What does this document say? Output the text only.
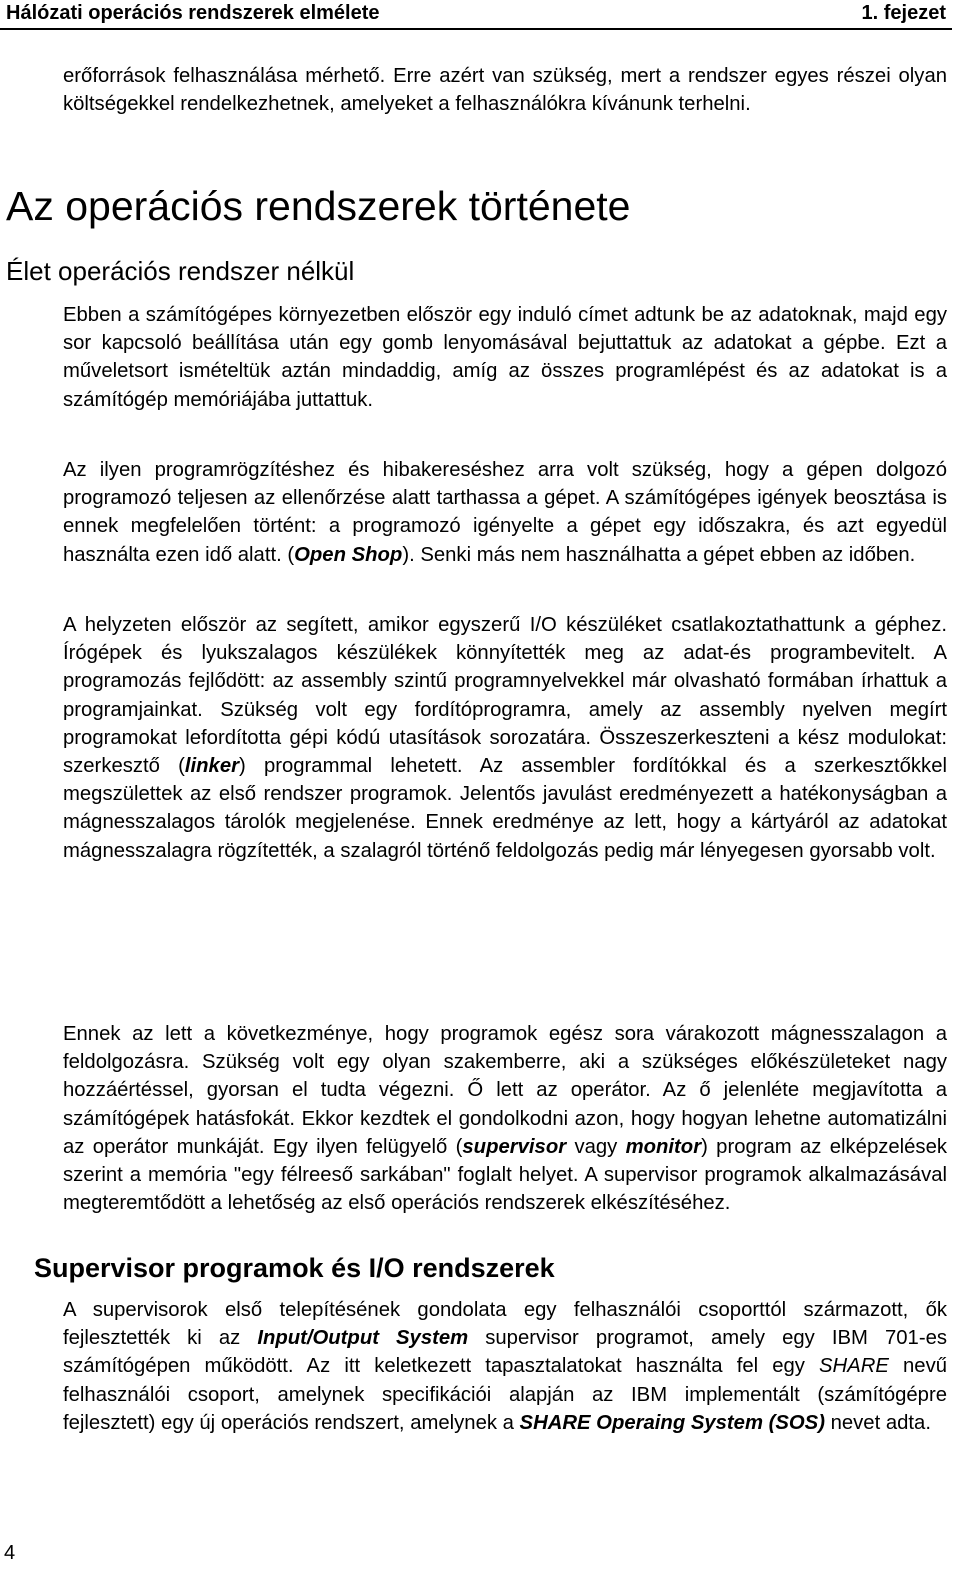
Hálózati operációs rendszerek elmélete	1. fejezet

erőforrások felhasználása mérhető. Erre azért van szükség, mert a rendszer egyes részei olyan költségekkel rendelkezhetnek, amelyeket a felhasználókra kívánunk terhelni.

Az operációs rendszerek története
Élet operációs rendszer nélkül

Ebben a számítógépes környezetben először egy induló címet adtunk be az adatoknak, majd egy sor kapcsoló beállítása után egy gomb lenyomásával bejuttattuk az adatokat a gépbe. Ezt a műveletsort ismételtük aztán mindaddig, amíg az összes programlépést és az adatokat is a számítógép memóriájába juttattuk.

Az ilyen programrögzítéshez és hibakereséshez arra volt szükség, hogy a gépen dolgozó programozó teljesen az ellenőrzése alatt tarthassa a gépet. A számítógépes igények beosztása is ennek megfelelően történt: a programozó igényelte a gépet egy időszakra, és azt egyedül használta ezen idő alatt. (Open Shop). Senki más nem használhatta a gépet ebben az időben.

A helyzeten először az segített, amikor egyszerű I/O készüléket csatlakoztathattunk a géphez. Írógépek és lyukszalagos készülékek könnyítették meg az adat-és programbevitelt. A programozás fejlődött: az assembly szintű programnyelvekkel már olvasható formában írhattuk a programjainkat. Szükség volt egy fordítóprogramra, amely az assembly nyelven megírt programokat lefordította gépi kódú utasítások sorozatára. Összeszerkeszteni a kész modulokat: szerkesztő (linker) programmal lehetett. Az assembler fordítókkal és a szerkesztőkkel megszülettek az első rendszer programok. Jelentős javulást eredményezett a hatékonyságban a mágnesszalagos tárolók megjelenése. Ennek eredménye az lett, hogy a kártyáról az adatokat mágnesszalagra rögzítették, a szalagról történő feldolgozás pedig már lényegesen gyorsabb volt.

Ennek az lett a következménye, hogy programok egész sora várakozott mágnesszalagon a feldolgozásra. Szükség volt egy olyan szakemberre, aki a szükséges előkészületeket nagy hozzáértéssel, gyorsan el tudta végezni. Ő lett az operátor. Az ő jelenléte megjavította a számítógépek hatásfokát. Ekkor kezdtek el gondolkodni azon, hogy hogyan lehetne automatizálni az operátor munkáját. Egy ilyen felügyelő (supervisor vagy monitor) program az elképzelések szerint a memória "egy félreeső sarkában" foglalt helyet. A supervisor programok alkalmazásával megteremtődött a lehetőség az első operációs rendszerek elkészítéséhez.

Supervisor programok és I/O rendszerek

A supervisorok első telepítésének gondolata egy felhasználói csoporttól származott, ők fejlesztették ki az Input/Output System supervisor programot, amely egy IBM 701-es számítógépen működött. Az itt keletkezett tapasztalatokat használta fel egy SHARE nevű felhasználói csoport, amelynek specifikációi alapján az IBM implementált (számítógépre fejlesztett) egy új operációs rendszert, amelynek a SHARE Operaing System (SOS) nevet adta.

4
